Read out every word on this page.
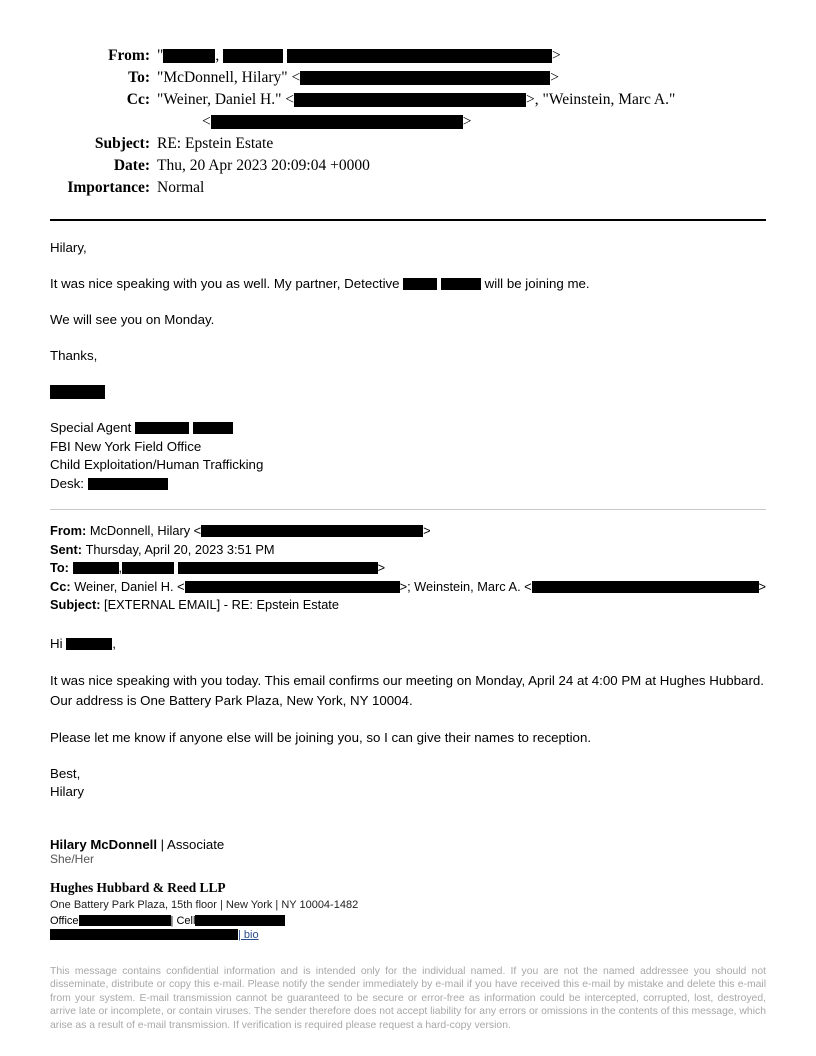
From: "	,
	>
To: "McDonnell, Hilary" <	>
Cc: "Weiner, Daniel H." <	>, "Weinstein, Marc A."
<	>
Subject: RE: Epstein Estate
Date: Thu, 20 Apr 2023 20:09:04 +0000
Importance: Normal

Hilary,

It was nice speaking with you as well. My partner, Detective	will be joining me.

We will see you on Monday.

Thanks,

Special Agent
FBI New York Field Office
Child Exploitation/Human Trafficking
Desk:
From:
McDonnell, Hilary <	>
Sent:
Thursday, April 20, 2023 3:51 PM
To:
	,
	>
Cc:
Weiner, Daniel H. <	>; Weinstein, Marc A. <	>
Subject:
[EXTERNAL EMAIL] - RE: Epstein Estate

Hi	,

It was nice speaking with you today. This email confirms our meeting on Monday, April 24 at 4:00 PM at Hughes Hubbard. Our address is One Battery Park Plaza, New York, NY 10004.

Please let me know if anyone else will be joining you, so I can give their names to reception.

Best,

Hilary

Hilary McDonnell | Associate
She/Her
Hughes Hubbard & Reed LLP
One Battery Park Plaza, 15th floor | New York | NY 10004-1482
Office	| Cell
| bio
This message contains confidential information and is intended only for the individual named. If you are not the named addressee you should not disseminate, distribute or copy this e-mail. Please notify the sender immediately by e-mail if you have received this e-mail by mistake and delete this e-mail from your system. E-mail transmission cannot be guaranteed to be secure or error-free as information could be intercepted, corrupted, lost, destroyed, arrive late or incomplete, or contain viruses. The sender therefore does not accept liability for any errors or omissions in the contents of this message, which arise as a result of e-mail transmission. If verification is required please request a hard-copy version.
